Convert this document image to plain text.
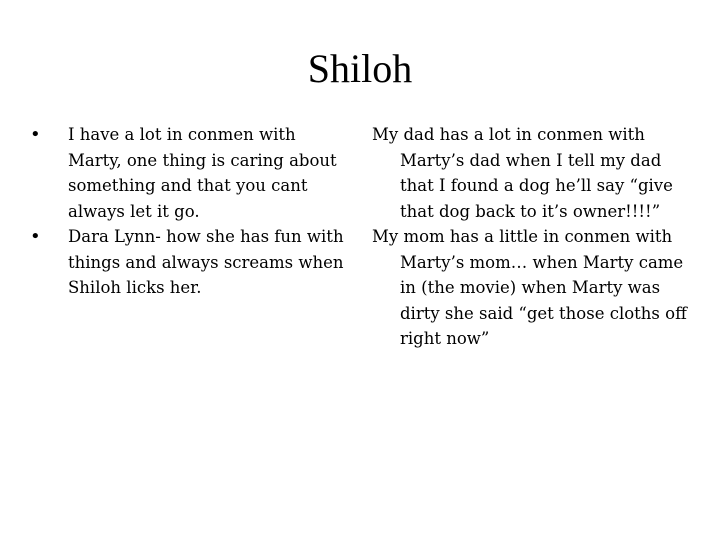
Shiloh
•	I have a lot in conmen with Marty, one thing is caring about something and that you cant always let it go.
•	Dara Lynn- how she has fun with things and always screams when Shiloh licks her.

My dad has a lot in conmen with Marty’s dad when I tell my dad that I found a dog he’ll say “give that dog back to it’s owner!!!!”

My mom has a little in conmen with Marty’s mom… when Marty came in (the movie) when Marty was dirty she said “get those cloths off right now”
